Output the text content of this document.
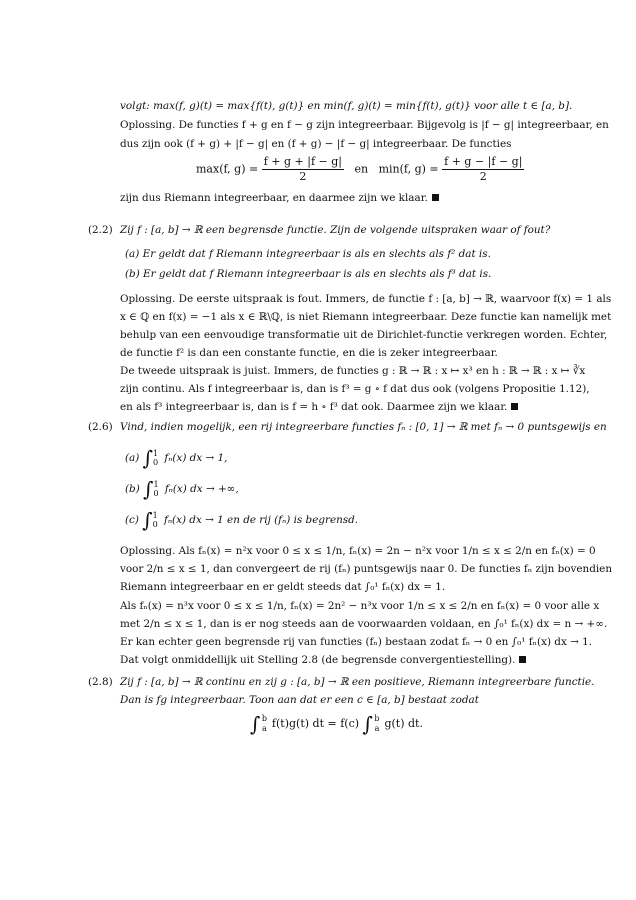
volgt: max(f, g)(t) = max{f(t), g(t)} en min(f, g)(t) = min{f(t), g(t)} voor alle t ∈ [a, b].
Oplossing. De functies f + g en f − g zijn integreerbaar. Bijgevolg is |f − g| integreerbaar, en
dus zijn ook (f + g) + |f − g| en (f + g) − |f − g| integreerbaar. De functies
max(f, $g) = \frac{f + g + |f - g|}{2}$ en min(f, $g) = \frac{f + g - |f - g|}{2}$
zijn dus Riemann integreerbaar, en daarmee zijn we klaar.
(2.2) Zij f : [a, b] → ℝ een begrensde functie. Zijn de volgende uitspraken waar of fout?
(a) Er geldt dat f Riemann integreerbaar is als en slechts als f² dat is.
(b) Er geldt dat f Riemann integreerbaar is als en slechts als f³ dat is.
Oplossing. De eerste uitspraak is fout. Immers, de functie f : [a, b] → ℝ, waarvoor f(x) = 1 als
x ∈ ℚ en f(x) = −1 als x ∈ ℝ\ℚ, is niet Riemann integreerbaar. Deze functie kan namelijk met
behulp van een eenvoudige transformatie uit de Dirichlet-functie verkregen worden. Echter,
de functie f² is dan een constante functie, en die is zeker integreerbaar.
De tweede uitspraak is juist. Immers, de functies g : ℝ → ℝ : x ↦ x³ en h : ℝ → ℝ : x ↦ ∛x
zijn continu. Als f integreerbaar is, dan is f³ = g ∘ f dat dus ook (volgens Propositie 1.12),
en als f³ integreerbaar is, dan is f = h ∘ f³ dat ook. Daarmee zijn we klaar.
(2.6) Vind, indien mogelijk, een rij integreerbare functies fₙ : [0, 1] → ℝ met fₙ → 0 puntsgewijs en
(a) ∫ 1
0 fₙ(x) dx → 1,
(b) ∫ 1
0 fₙ(x) dx → +∞,
(c) ∫ 1
0 fₙ(x) dx → 1 en de rij (fₙ) is begrensd.
Oplossing. Als fₙ(x) = n²x voor 0 ≤ x ≤ 1/n, fₙ(x) = 2n − n²x voor 1/n ≤ x ≤ 2/n en fₙ(x) = 0
voor 2/n ≤ x ≤ 1, dan convergeert de rij (fₙ) puntsgewijs naar 0. De functies fₙ zijn bovendien
Riemann integreerbaar en er geldt steeds dat ∫₀¹ fₙ(x) dx = 1.
Als fₙ(x) = n³x voor 0 ≤ x ≤ 1/n, fₙ(x) = 2n² − n³x voor 1/n ≤ x ≤ 2/n en fₙ(x) = 0 voor alle x
met 2/n ≤ x ≤ 1, dan is er nog steeds aan de voorwaarden voldaan, en ∫₀¹ fₙ(x) dx = n → +∞.
Er kan echter geen begrensde rij van functies (fₙ) bestaan zodat fₙ → 0 en ∫₀¹ fₙ(x) dx → 1.
Dat volgt onmiddellijk uit Stelling 2.8 (de begrensde convergentiestelling).
(2.8) Zij f : [a, b] → ℝ continu en zij g : [a, b] → ℝ een positieve, Riemann integreerbare functie.
Dan is fg integreerbaar. Toon aan dat er een c ∈ [a, b] bestaat zodat
∫ b
a f(t)g(t) dt = f(c) ∫ b
a g(t) dt.
